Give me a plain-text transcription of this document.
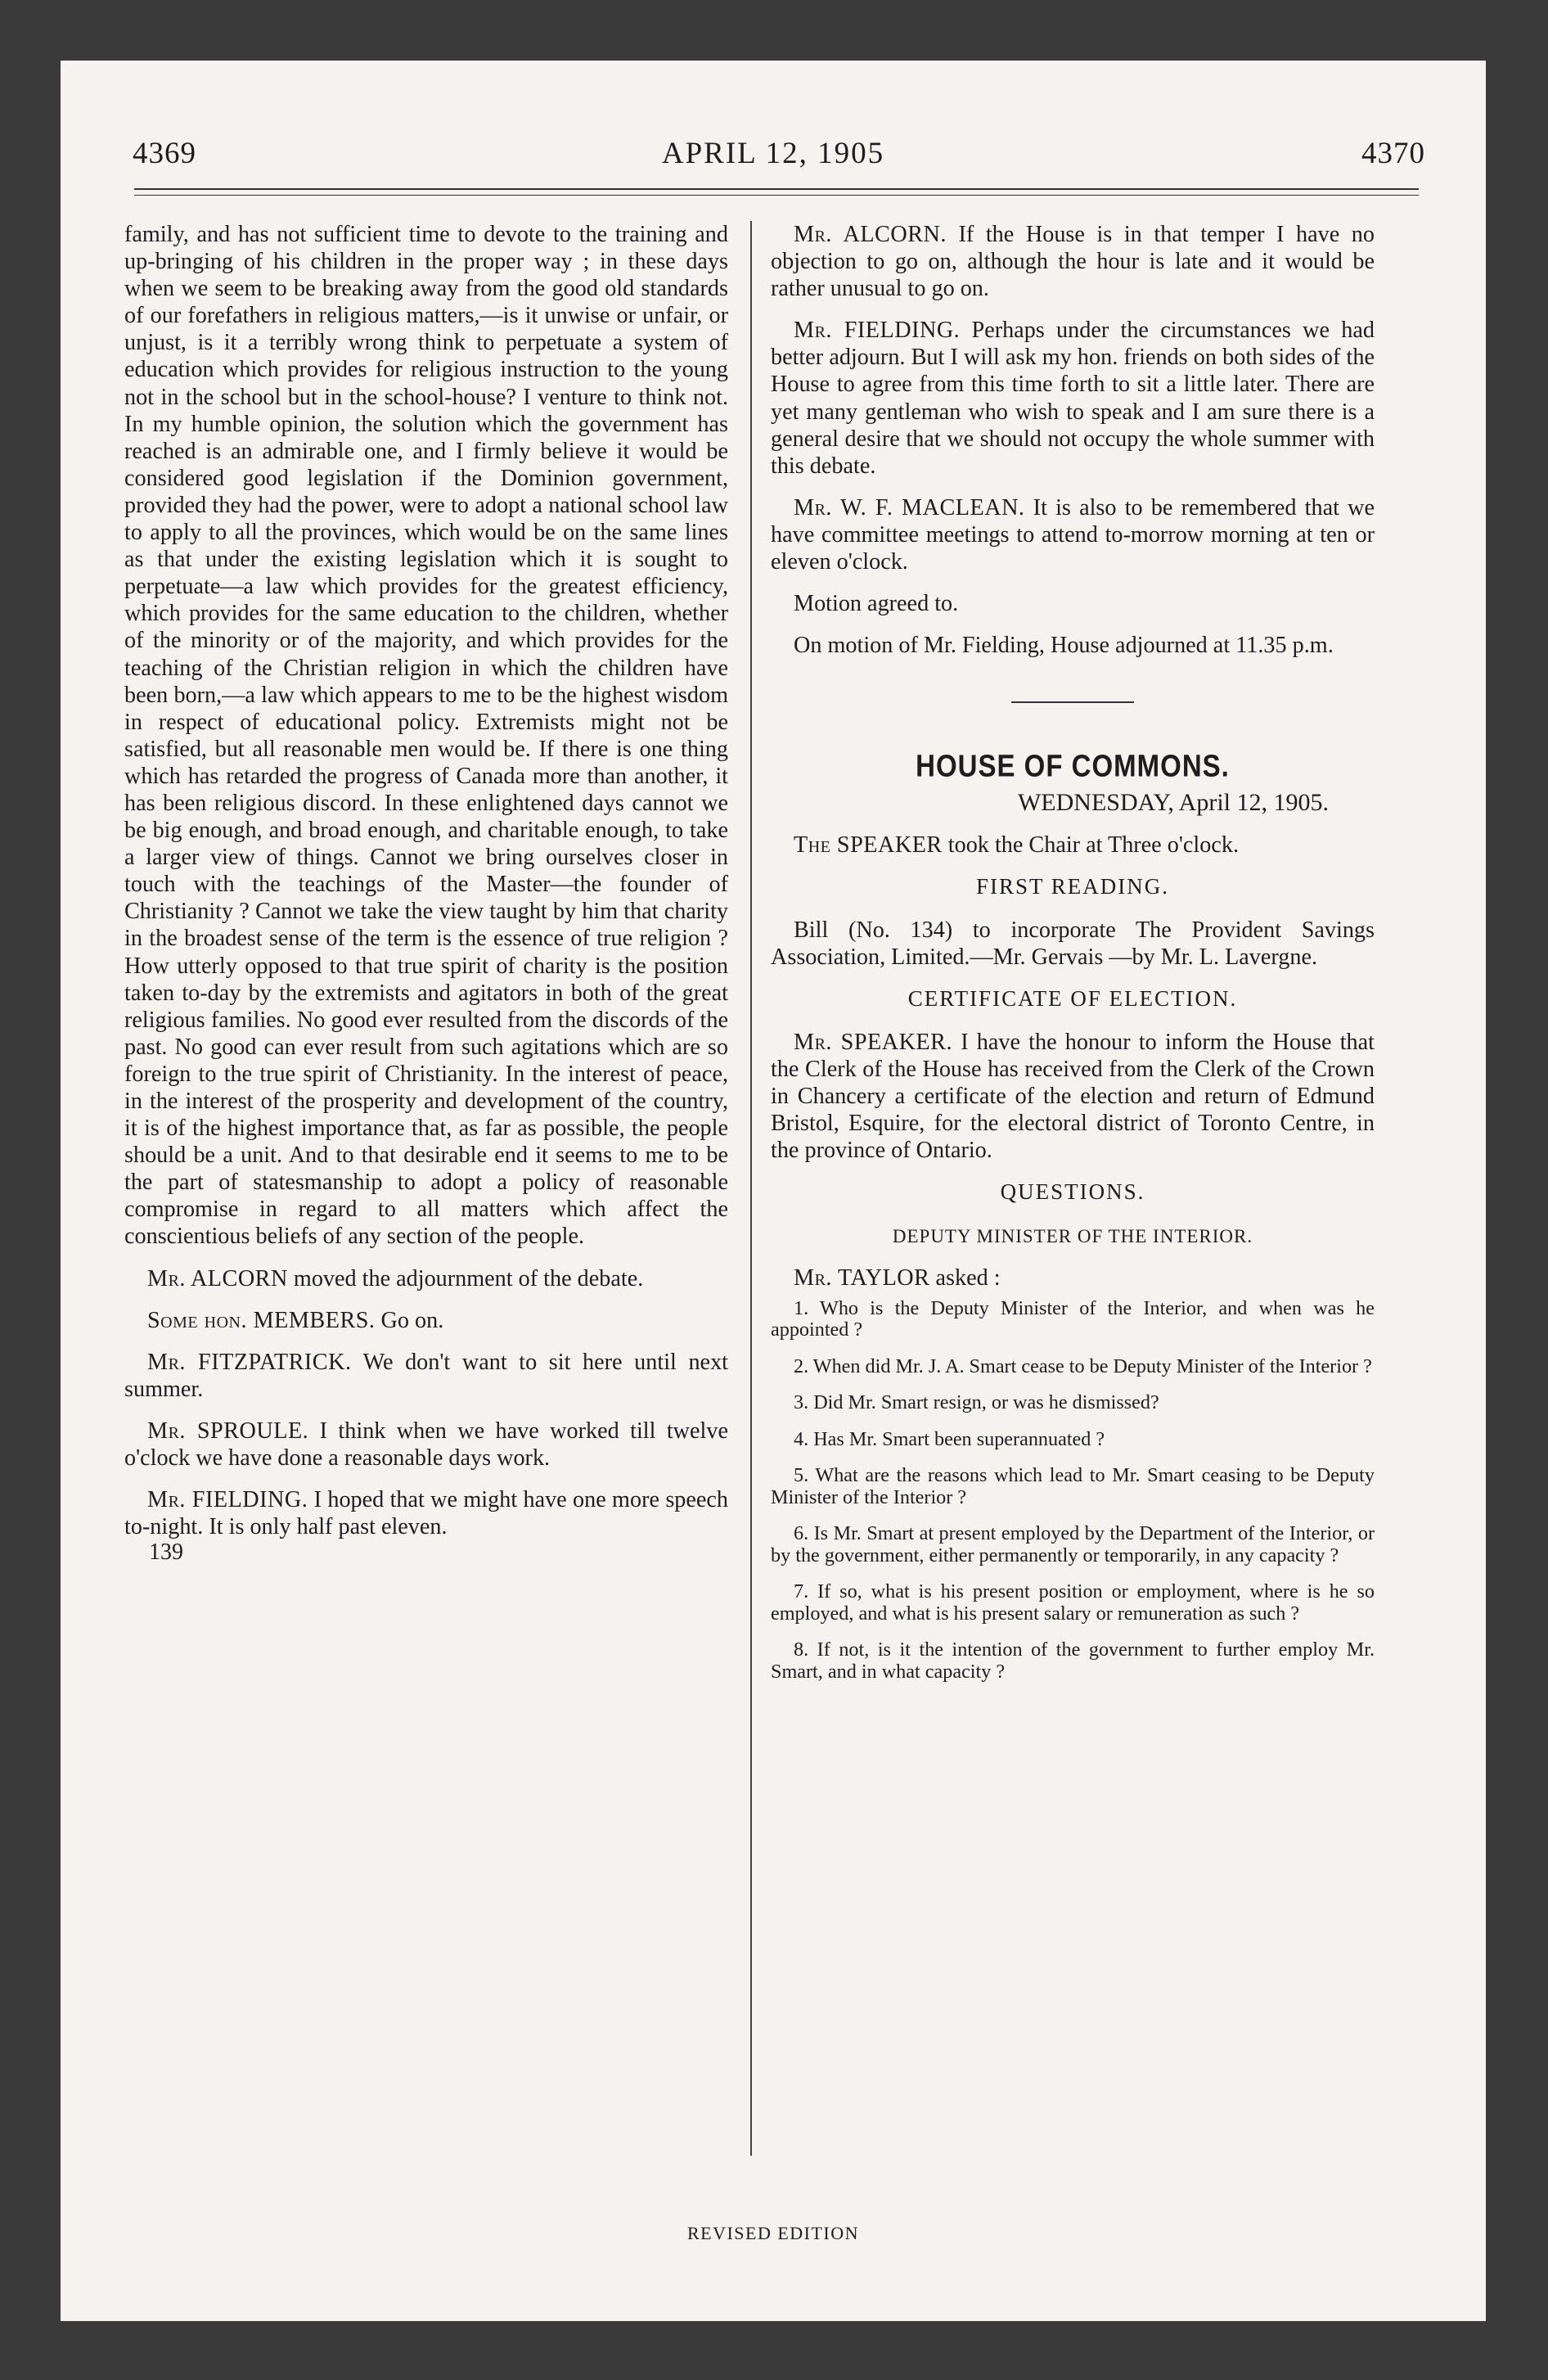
4369	APRIL 12, 1905	4370

family, and has not sufficient time to devote to the training and up-bringing of his children in the proper way ; in these days when we seem to be breaking away from the good old standards of our forefathers in religious matters,—is it unwise or unfair, or unjust, is it a terribly wrong think to perpetuate a system of education which provides for religious instruction to the young not in the school but in the school-house? I venture to think not. In my humble opinion, the solution which the government has reached is an admirable one, and I firmly believe it would be considered good legislation if the Dominion government, provided they had the power, were to adopt a national school law to apply to all the provinces, which would be on the same lines as that under the existing legislation which it is sought to perpetuate—a law which provides for the greatest efficiency, which provides for the same education to the children, whether of the minority or of the majority, and which provides for the teaching of the Christian religion in which the children have been born,—a law which appears to me to be the highest wisdom in respect of educational policy. Extremists might not be satisfied, but all reasonable men would be. If there is one thing which has retarded the progress of Canada more than another, it has been religious discord. In these enlightened days cannot we be big enough, and broad enough, and charitable enough, to take a larger view of things. Cannot we bring ourselves closer in touch with the teachings of the Master—the founder of Christianity ? Cannot we take the view taught by him that charity in the broadest sense of the term is the essence of true religion ? How utterly opposed to that true spirit of charity is the position taken to-day by the extremists and agitators in both of the great religious families. No good ever resulted from the discords of the past. No good can ever result from such agitations which are so foreign to the true spirit of Christianity. In the interest of peace, in the interest of the prosperity and development of the country, it is of the highest importance that, as far as possible, the people should be a unit. And to that desirable end it seems to me to be the part of statesmanship to adopt a policy of reasonable compromise in regard to all matters which affect the conscientious beliefs of any section of the people.

Mr. ALCORN moved the adjournment of the debate.

Some hon. MEMBERS. Go on.

Mr. FITZPATRICK. We don't want to sit here until next summer.

Mr. SPROULE. I think when we have worked till twelve o'clock we have done a reasonable days work.

Mr. FIELDING. I hoped that we might have one more speech to-night. It is only half past eleven.

139

Mr. ALCORN. If the House is in that temper I have no objection to go on, although the hour is late and it would be rather unusual to go on.

Mr. FIELDING. Perhaps under the circumstances we had better adjourn. But I will ask my hon. friends on both sides of the House to agree from this time forth to sit a little later. There are yet many gentleman who wish to speak and I am sure there is a general desire that we should not occupy the whole summer with this debate.

Mr. W. F. MACLEAN. It is also to be remembered that we have committee meetings to attend to-morrow morning at ten or eleven o'clock.

Motion agreed to.

On motion of Mr. Fielding, House adjourned at 11.35 p.m.

HOUSE OF COMMONS.
WEDNESDAY, April 12, 1905.

The SPEAKER took the Chair at Three o'clock.

FIRST READING.

Bill (No. 134) to incorporate The Provident Savings Association, Limited.—Mr. Gervais —by Mr. L. Lavergne.

CERTIFICATE OF ELECTION.

Mr. SPEAKER. I have the honour to inform the House that the Clerk of the House has received from the Clerk of the Crown in Chancery a certificate of the election and return of Edmund Bristol, Esquire, for the electoral district of Toronto Centre, in the province of Ontario.

QUESTIONS.
DEPUTY MINISTER OF THE INTERIOR.

Mr. TAYLOR asked :

1. Who is the Deputy Minister of the Interior, and when was he appointed ?

2. When did Mr. J. A. Smart cease to be Deputy Minister of the Interior ?

3. Did Mr. Smart resign, or was he dismissed?

4. Has Mr. Smart been superannuated ?

5. What are the reasons which lead to Mr. Smart ceasing to be Deputy Minister of the Interior ?

6. Is Mr. Smart at present employed by the Department of the Interior, or by the government, either permanently or temporarily, in any capacity ?

7. If so, what is his present position or employment, where is he so employed, and what is his present salary or remuneration as such ?

8. If not, is it the intention of the government to further employ Mr. Smart, and in what capacity ?

REVISED EDITION
